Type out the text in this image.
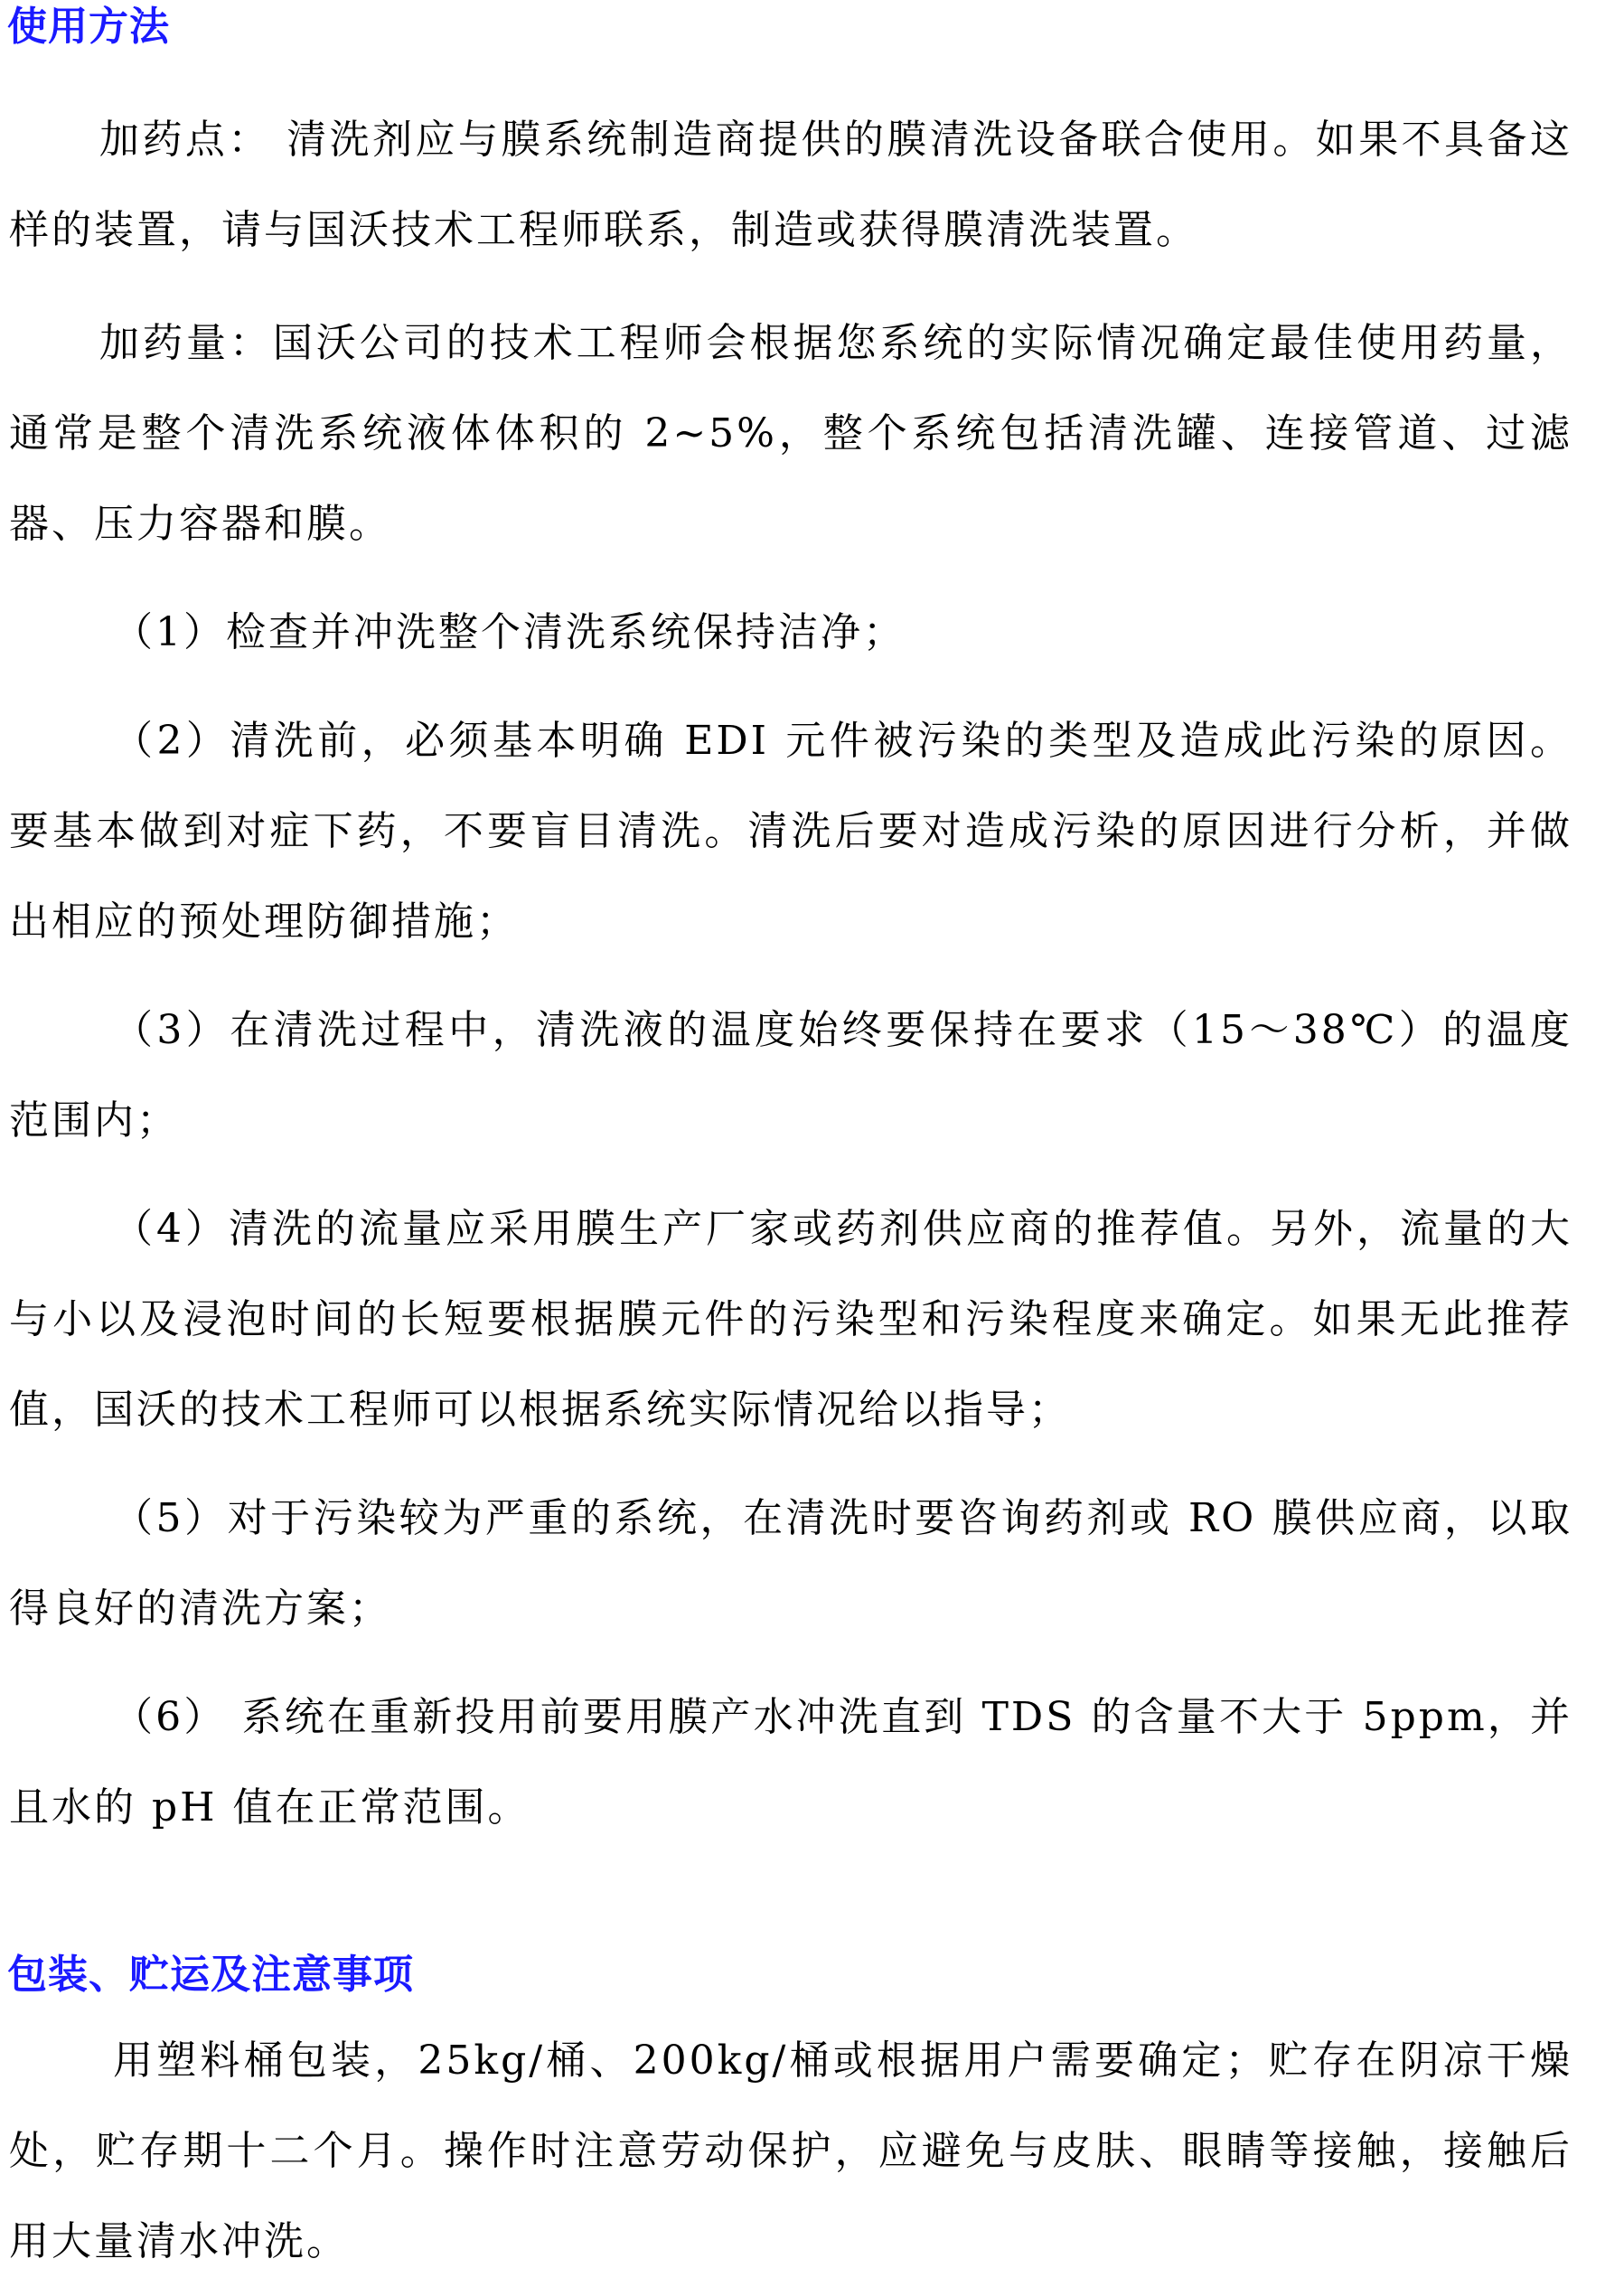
使用方法

加药点： 清洗剂应与膜系统制造商提供的膜清洗设备联合使用。如果不具备这样的装置，请与国沃技术工程师联系，制造或获得膜清洗装置。

加药量：国沃公司的技术工程师会根据您系统的实际情况确定最佳使用药量，通常是整个清洗系统液体体积的 2~5%，整个系统包括清洗罐、连接管道、过滤器、压力容器和膜。

（1）检查并冲洗整个清洗系统保持洁净；

（2）清洗前，必须基本明确 EDI 元件被污染的类型及造成此污染的原因。要基本做到对症下药，不要盲目清洗。清洗后要对造成污染的原因进行分析，并做出相应的预处理防御措施；

（3）在清洗过程中，清洗液的温度始终要保持在要求（15～38℃）的温度范围内；

（4）清洗的流量应采用膜生产厂家或药剂供应商的推荐值。另外，流量的大与小以及浸泡时间的长短要根据膜元件的污染型和污染程度来确定。如果无此推荐值，国沃的技术工程师可以根据系统实际情况给以指导；

（5）对于污染较为严重的系统，在清洗时要咨询药剂或 RO 膜供应商，以取得良好的清洗方案；

（6） 系统在重新投用前要用膜产水冲洗直到 TDS 的含量不大于 5ppm，并且水的 pH 值在正常范围。

包装、贮运及注意事项

用塑料桶包装，25kg/桶、200kg/桶或根据用户需要确定；贮存在阴凉干燥处，贮存期十二个月。操作时注意劳动保护，应避免与皮肤、眼睛等接触，接触后用大量清水冲洗。
